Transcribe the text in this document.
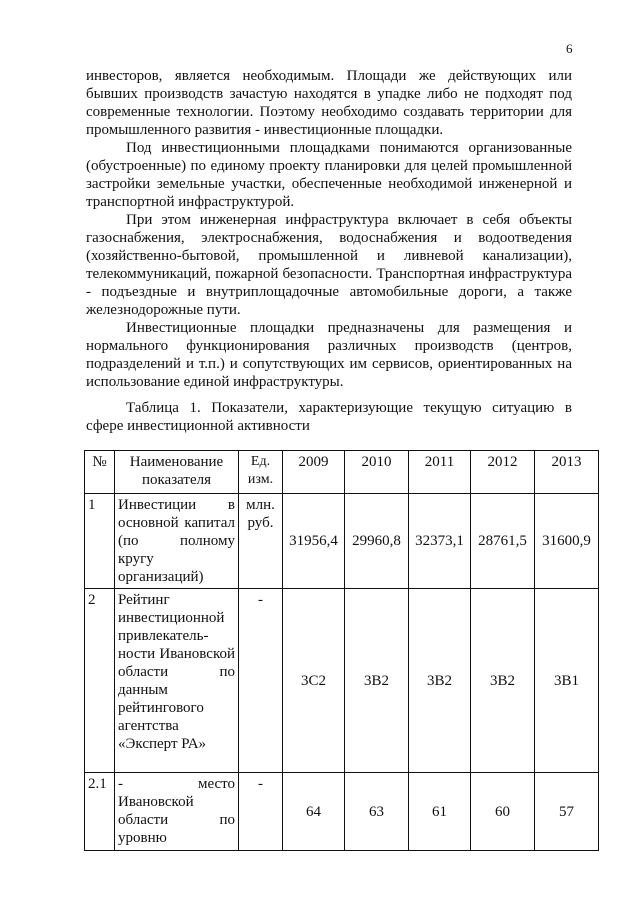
6

инвесторов, является необходимым. Площади же действующих или бывших производств зачастую находятся в упадке либо не подходят под современные технологии. Поэтому необходимо создавать территории для промышленного развития - инвестиционные площадки.

Под инвестиционными площадками понимаются организованные (обустроенные) по единому проекту планировки для целей промышленной застройки земельные участки, обеспеченные необходимой инженерной и транспортной инфраструктурой.

При этом инженерная инфраструктура включает в себя объекты газоснабжения, электроснабжения, водоснабжения и водоотведения (хозяйственно-бытовой, промышленной и ливневой канализации), телекоммуникаций, пожарной безопасности. Транспортная инфраструктура - подъездные и внутриплощадочные автомобильные дороги, а также железнодорожные пути.

Инвестиционные площадки предназначены для размещения и нормального функционирования различных производств (центров, подразделений и т.п.) и сопутствующих им сервисов, ориентированных на использование единой инфраструктуры.

Таблица 1. Показатели, характеризующие текущую ситуацию в сфере инвестиционной активности
№	Наименование показателя	Ед. изм.	2009	2010	2011	2012	2013
1	Инвестиции в основной капитал (по полному кругу организаций)	млн. руб.	31956,4	29960,8	32373,1	28761,5	31600,9
2	Рейтинг инвестиционной привлекатель-ности Ивановской области по данным рейтингового агентства «Эксперт РА»	-	3С2	3В2	3В2	3В2	3В1
2.1	- место Ивановской области по уровню	-	64	63	61	60	57
